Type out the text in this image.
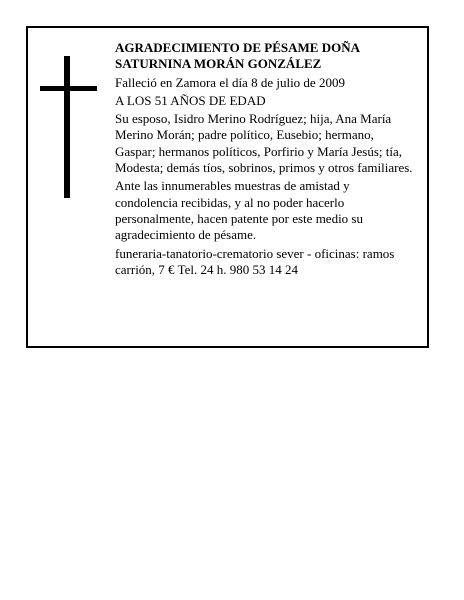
AGRADECIMIENTO DE PÉSAME DOÑA SATURNINA MORÁN GONZÁLEZ

Falleció en Zamora el día 8 de julio de 2009

A LOS 51 AÑOS DE EDAD

Su esposo, Isidro Merino Rodríguez; hija, Ana María Merino Morán; padre político, Eusebio; hermano, Gaspar; hermanos políticos, Porfirio y María Jesús; tía, Modesta; demás tíos, sobrinos, primos y otros familiares.

Ante las innumerables muestras de amistad y condolencia recibidas, y al no poder hacerlo personalmente, hacen patente por este medio su agradecimiento de pésame.

funeraria-tanatorio-crematorio sever - oficinas: ramos carrión, 7 € Tel. 24 h. 980 53 14 24
